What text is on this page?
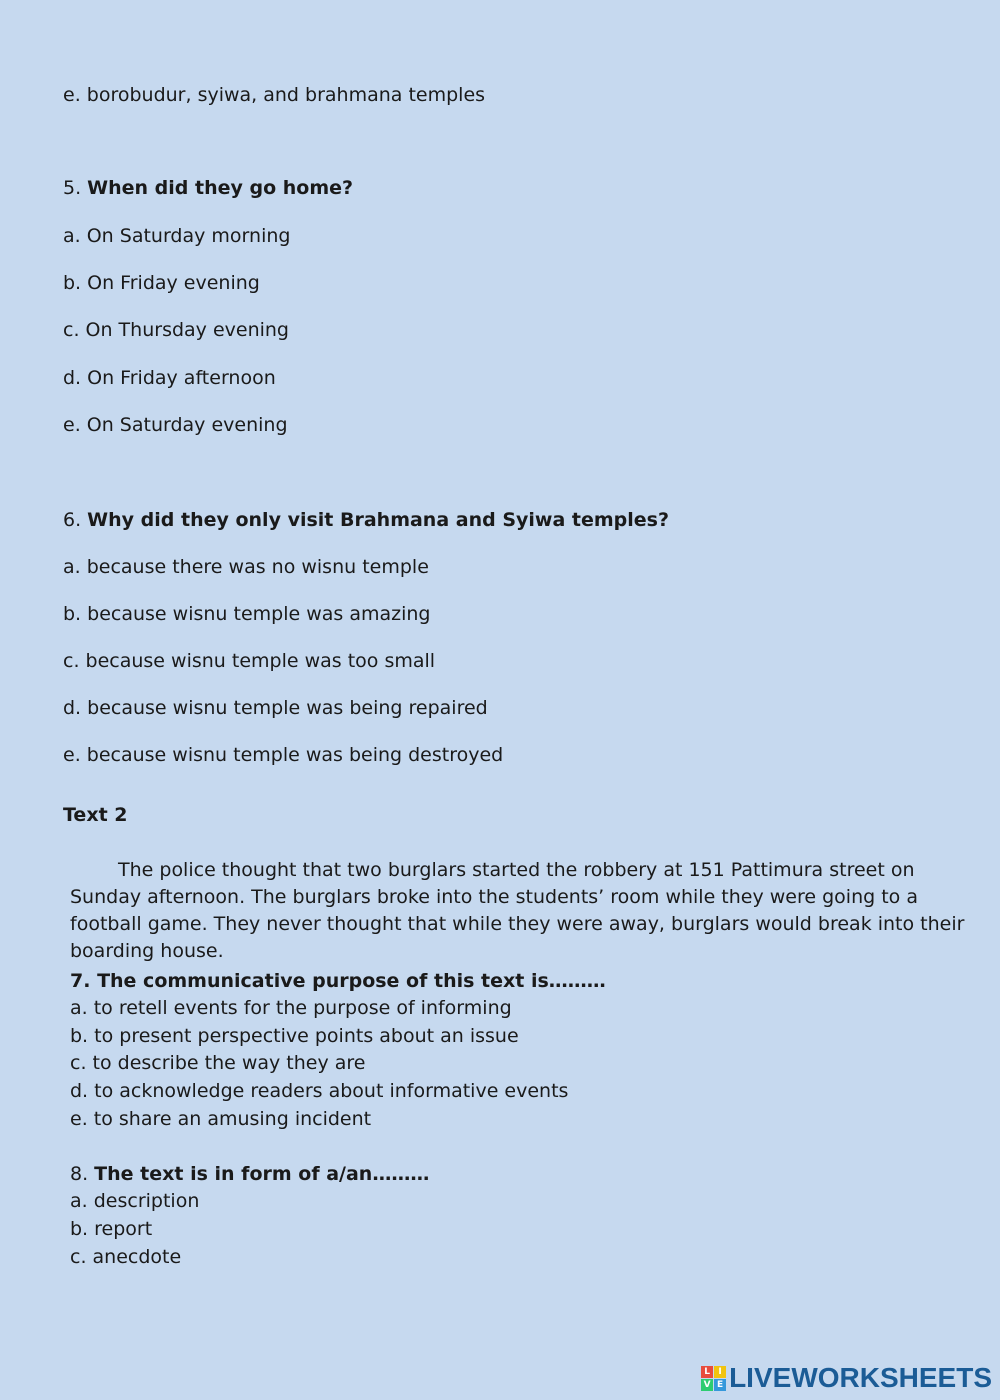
e. borobudur, syiwa, and brahmana temples
5. When did they go home?
a. On Saturday morning
b. On Friday evening
c. On Thursday evening
d. On Friday afternoon
e. On Saturday evening
6. Why did they only visit Brahmana and Syiwa temples?
a. because there was no wisnu temple
b. because wisnu temple was amazing
c. because wisnu temple was too small
d. because wisnu temple was being repaired
e. because wisnu temple was being destroyed
Text 2
The police thought that two burglars started the robbery at 151 Pattimura street on Sunday afternoon. The burglars broke into the students’ room while they were going to a football game. They never thought that while they were away, burglars would break into their boarding house.
7. The communicative purpose of this text is………
a. to retell events for the purpose of informing
b. to present perspective points about an issue
c. to describe the way they are
d. to acknowledge readers about informative events
e. to share an amusing incident
8. The text is in form of a/an………
a. description
b. report
c. anecdote
L I
V E LIVEWORKSHEETS
